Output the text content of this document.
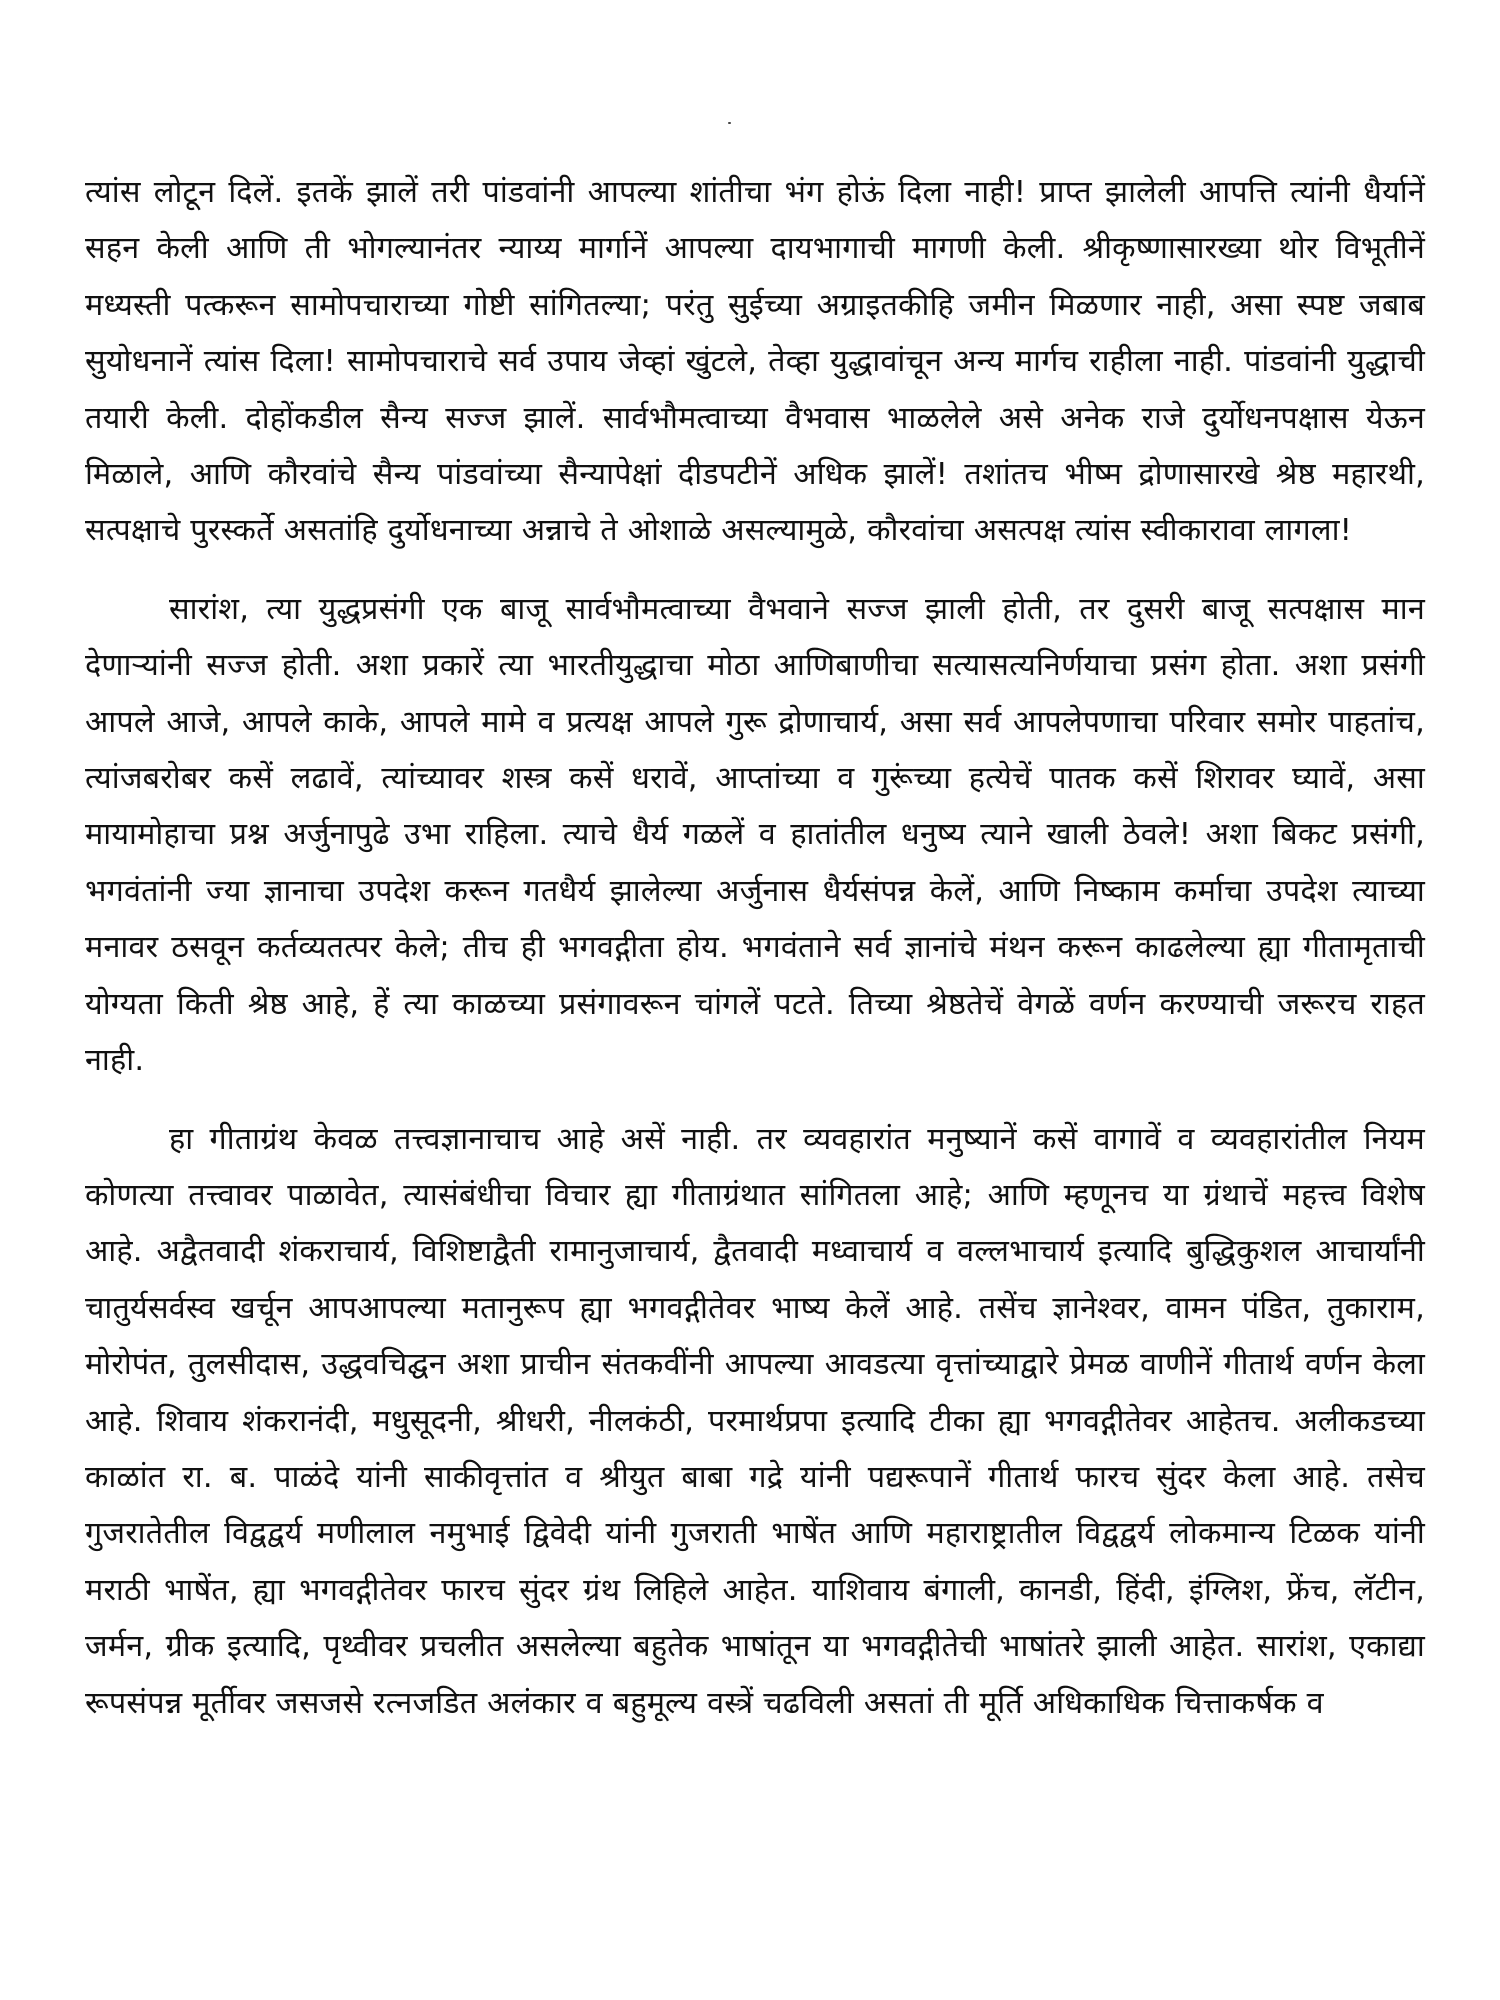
त्यांस लोटून दिलें. इतकें झालें तरी पांडवांनी आपल्या शांतीचा भंग होऊं दिला नाही! प्राप्त झालेली आपत्ति त्यांनी धैर्यानें सहन केली आणि ती भोगल्यानंतर न्याय्य मार्गानें आपल्या दायभागाची मागणी केली. श्रीकृष्णासारख्या थोर विभूतीनें मध्यस्ती पत्करून सामोपचाराच्या गोष्टी सांगितल्या; परंतु सुईच्या अग्राइतकीहि जमीन मिळणार नाही, असा स्पष्ट जबाब सुयोधनानें त्यांस दिला! सामोपचाराचे सर्व उपाय जेव्हां खुंटले, तेव्हा युद्धावांचून अन्य मार्गच राहीला नाही. पांडवांनी युद्धाची तयारी केली. दोहोंकडील सैन्य सज्ज झालें. सार्वभौमत्वाच्या वैभवास भाळलेले असे अनेक राजे दुर्योधनपक्षास येऊन मिळाले, आणि कौरवांचे सैन्य पांडवांच्या सैन्यापेक्षां दीडपटीनें अधिक झालें! तशांतच भीष्म द्रोणासारखे श्रेष्ठ महारथी, सत्पक्षाचे पुरस्कर्ते असतांहि दुर्योधनाच्या अन्नाचे ते ओशाळे असल्यामुळे, कौरवांचा असत्पक्ष त्यांस स्वीकारावा लागला!

सारांश, त्या युद्धप्रसंगी एक बाजू सार्वभौमत्वाच्या वैभवाने सज्ज झाली होती, तर दुसरी बाजू सत्पक्षास मान देणाऱ्यांनी सज्ज होती. अशा प्रकारें त्या भारतीयुद्धाचा मोठा आणिबाणीचा सत्यासत्यनिर्णयाचा प्रसंग होता. अशा प्रसंगी आपले आजे, आपले काके, आपले मामे व प्रत्यक्ष आपले गुरू द्रोणाचार्य, असा सर्व आपलेपणाचा परिवार समोर पाहतांच, त्यांजबरोबर कसें लढावें, त्यांच्यावर शस्त्र कसें धरावें, आप्तांच्या व गुरूंच्या हत्येचें पातक कसें शिरावर घ्यावें, असा मायामोहाचा प्रश्न अर्जुनापुढे उभा राहिला. त्याचे धैर्य गळलें व हातांतील धनुष्य त्याने खाली ठेवले! अशा बिकट प्रसंगी, भगवंतांनी ज्या ज्ञानाचा उपदेश करून गतधैर्य झालेल्या अर्जुनास धैर्यसंपन्न केलें, आणि निष्काम कर्माचा उपदेश त्याच्या मनावर ठसवून कर्तव्यतत्पर केले; तीच ही भगवद्गीता होय. भगवंताने सर्व ज्ञानांचे मंथन करून काढलेल्या ह्या गीतामृताची योग्यता किती श्रेष्ठ आहे, हें त्या काळच्या प्रसंगावरून चांगलें पटते. तिच्या श्रेष्ठतेचें वेगळें वर्णन करण्याची जरूरच राहत नाही.

हा गीताग्रंथ केवळ तत्त्वज्ञानाचाच आहे असें नाही. तर व्यवहारांत मनुष्यानें कसें वागावें व व्यवहारांतील नियम कोणत्या तत्त्वावर पाळावेत, त्यासंबंधीचा विचार ह्या गीताग्रंथात सांगितला आहे; आणि म्हणूनच या ग्रंथाचें महत्त्व विशेष आहे. अद्वैतवादी शंकराचार्य, विशिष्टाद्वैती रामानुजाचार्य, द्वैतवादी मध्वाचार्य व वल्लभाचार्य इत्यादि बुद्धिकुशल आचार्यांनी चातुर्यसर्वस्व खर्चून आपआपल्या मतानुरूप ह्या भगवद्गीतेवर भाष्य केलें आहे. तसेंच ज्ञानेश्वर, वामन पंडित, तुकाराम, मोरोपंत, तुलसीदास, उद्धवचिद्घन अशा प्राचीन संतकवींनी आपल्या आवडत्या वृत्तांच्याद्वारे प्रेमळ वाणीनें गीतार्थ वर्णन केला आहे. शिवाय शंकरानंदी, मधुसूदनी, श्रीधरी, नीलकंठी, परमार्थप्रपा इत्यादि टीका ह्या भगवद्गीतेवर आहेतच. अलीकडच्या काळांत रा. ब. पाळंदे यांनी साकीवृत्तांत व श्रीयुत बाबा गद्रे यांनी पद्यरूपानें गीतार्थ फारच सुंदर केला आहे. तसेच गुजरातेतील विद्वद्वर्य मणीलाल नमुभाई द्विवेदी यांनी गुजराती भाषेंत आणि महाराष्ट्रातील विद्वद्वर्य लोकमान्य टिळक यांनी मराठी भाषेंत, ह्या भगवद्गीतेवर फारच सुंदर ग्रंथ लिहिले आहेत. याशिवाय बंगाली, कानडी, हिंदी, इंग्लिश, फ्रेंच, लॅटीन, जर्मन, ग्रीक इत्यादि, पृथ्वीवर प्रचलीत असलेल्या बहुतेक भाषांतून या भगवद्गीतेची भाषांतरे झाली आहेत. सारांश, एकाद्या रूपसंपन्न मूर्तीवर जसजसे रत्नजडित अलंकार व बहुमूल्य वस्त्रें चढविली असतां ती मूर्ति अधिकाधिक चित्ताकर्षक व
